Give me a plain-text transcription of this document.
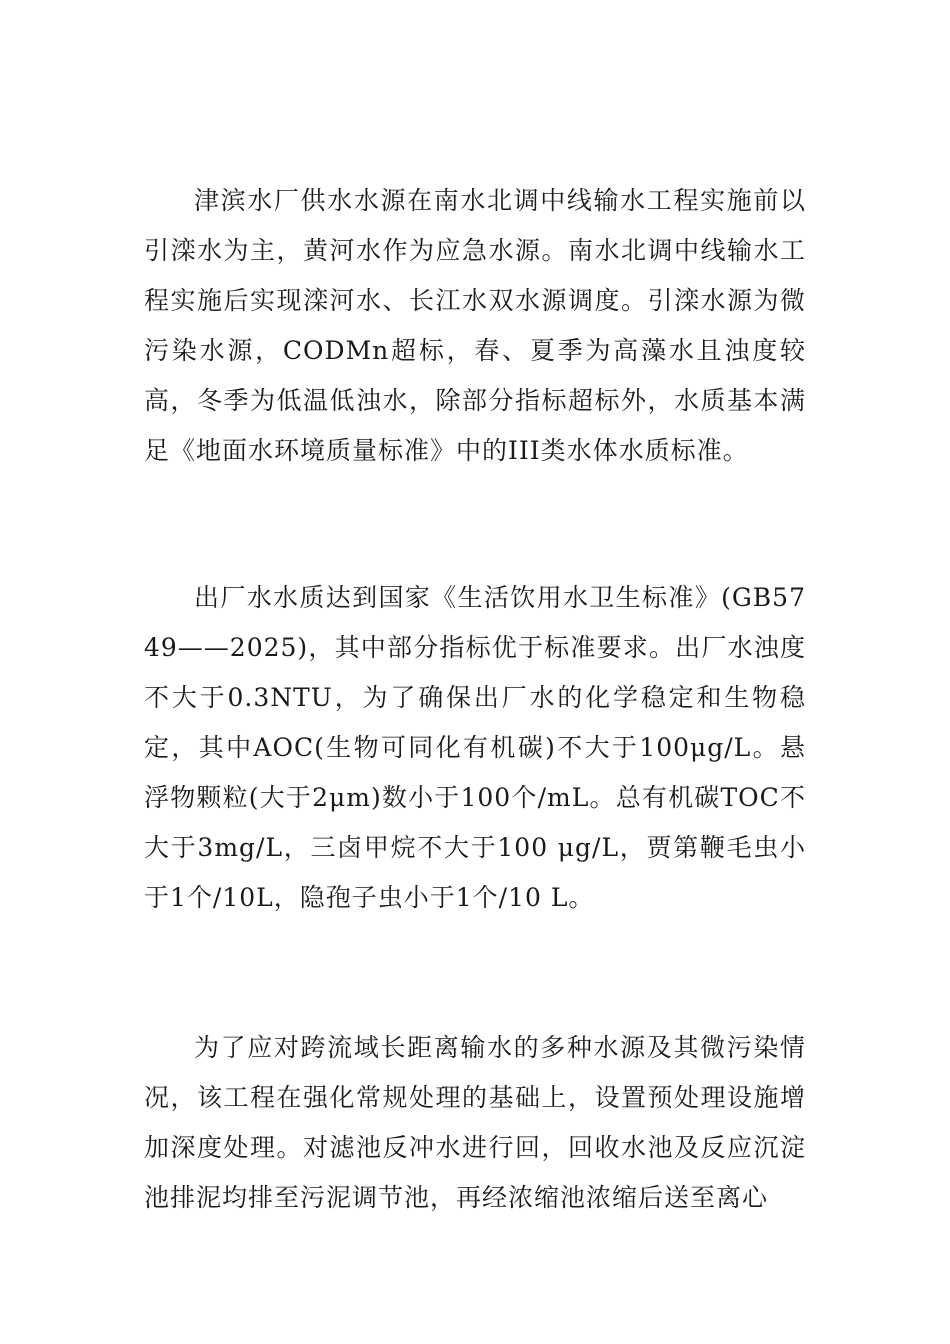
津滨水厂供水水源在南水北调中线输水工程实施前以引滦水为主，黄河水作为应急水源。南水北调中线输水工程实施后实现滦河水、长江水双水源调度。引滦水源为微污染水源，CODMn超标，春、夏季为高藻水且浊度较高，冬季为低温低浊水，除部分指标超标外，水质基本满足《地面水环境质量标准》中的III类水体水质标准。

出厂水水质达到国家《生活饮用水卫生标准》(GB5749——2025)，其中部分指标优于标准要求。出厂水浊度不大于0.3NTU，为了确保出厂水的化学稳定和生物稳定，其中AOC(生物可同化有机碳)不大于100μg/L。悬浮物颗粒(大于2μm)数小于100个/mL。总有机碳TOC不大于3mg/L，三卤甲烷不大于100 μg/L，贾第鞭毛虫小于1个/10L，隐孢子虫小于1个/10 L。

为了应对跨流域长距离输水的多种水源及其微污染情况，该工程在强化常规处理的基础上，设置预处理设施增加深度处理。对滤池反冲水进行回，回收水池及反应沉淀池排泥均排至污泥调节池，再经浓缩池浓缩后送至离心
